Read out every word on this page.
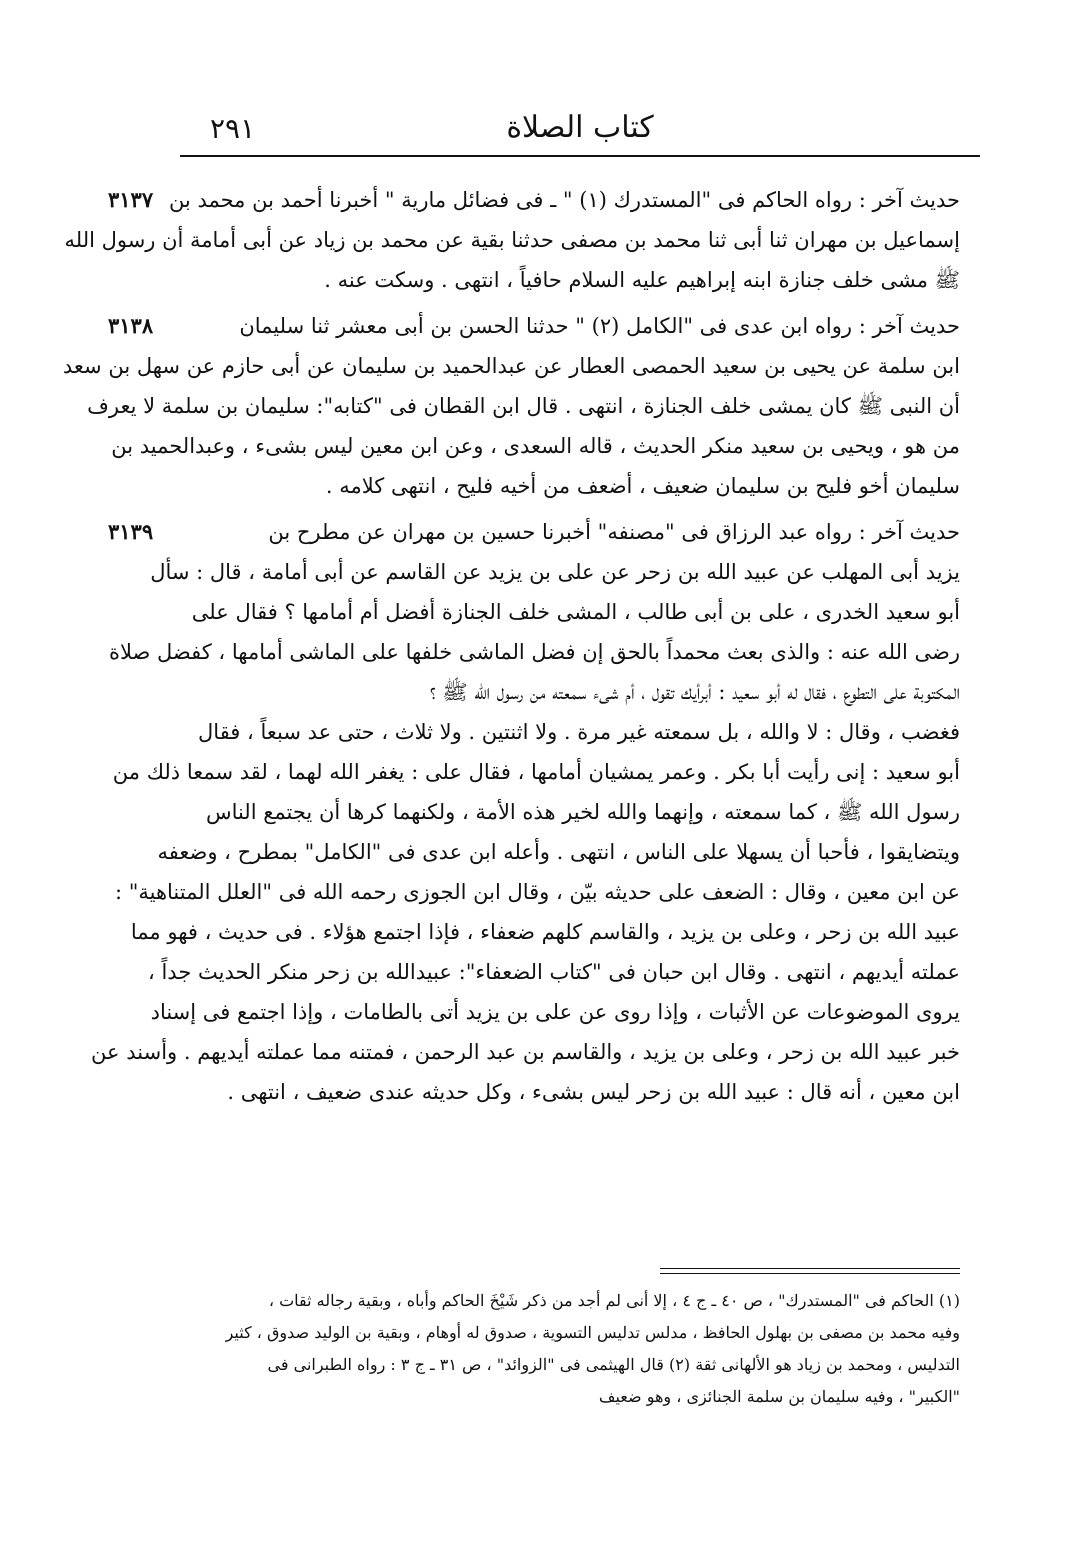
كتاب الصلاة
٢٩١
حديث آخر : رواه الحاكم فى "المستدرك (١) " ـ فى فضائل مارية " أخبرنا أحمد بن محمد بن
٣١٣٧
إسماعيل بن مهران ثنا أبى ثنا محمد بن مصفى حدثنا بقية عن محمد بن زياد عن أبى أمامة أن رسول الله
ﷺ مشى خلف جنازة ابنه إبراهيم عليه السلام حافياً ، انتهى . وسكت عنه .
حديث آخر : رواه ابن عدى فى "الكامل (٢) " حدثنا الحسن بن أبى معشر ثنا سليمان
٣١٣٨
ابن سلمة عن يحيى بن سعيد الحمصى العطار عن عبدالحميد بن سليمان عن أبى حازم عن سهل بن سعد
أن النبى ﷺ كان يمشى خلف الجنازة ، انتهى . قال ابن القطان فى "كتابه": سليمان بن سلمة لا يعرف
من هو ، ويحيى بن سعيد منكر الحديث ، قاله السعدى ، وعن ابن معين ليس بشىء ، وعبدالحميد بن
سليمان أخو فليح بن سليمان ضعيف ، أضعف من أخيه فليح ، انتهى كلامه .
حديث آخر : رواه عبد الرزاق فى "مصنفه" أخبرنا حسين بن مهران عن مطرح بن
٣١٣٩
يزيد أبى المهلب عن عبيد الله بن زحر عن على بن يزيد عن القاسم عن أبى أمامة ، قال : سأل
أبو سعيد الخدرى ، على بن أبى طالب ، المشى خلف الجنازة أفضل أم أمامها ؟ فقال على
رضى الله عنه : والذى بعث محمداً بالحق إن فضل الماشى خلفها على الماشى أمامها ، كفضل صلاة
المكتوبة على التطوع ، فقال له أبو سعيد : أبرأيك تقول ، أم شىء سمعته من رسول الله ﷺ ؟
فغضب ، وقال : لا والله ، بل سمعته غير مرة . ولا اثنتين . ولا ثلاث ، حتى عد سبعاً ، فقال
أبو سعيد : إنى رأيت أبا بكر . وعمر يمشيان أمامها ، فقال على : يغفر الله لهما ، لقد سمعا ذلك من
رسول الله ﷺ ، كما سمعته ، وإنهما والله لخير هذه الأمة ، ولكنهما كرها أن يجتمع الناس
ويتضايقوا ، فأحبا أن يسهلا على الناس ، انتهى . وأعله ابن عدى فى "الكامل" بمطرح ، وضعفه
عن ابن معين ، وقال : الضعف على حديثه بيّن ، وقال ابن الجوزى رحمه الله فى "العلل المتناهية" :
عبيد الله بن زحر ، وعلى بن يزيد ، والقاسم كلهم ضعفاء ، فإذا اجتمع هؤلاء . فى حديث ، فهو مما
عملته أيديهم ، انتهى . وقال ابن حبان فى "كتاب الضعفاء": عبيدالله بن زحر منكر الحديث جداً ،
يروى الموضوعات عن الأثبات ، وإذا روى عن على بن يزيد أتى بالطامات ، وإذا اجتمع فى إسناد
خبر عبيد الله بن زحر ، وعلى بن يزيد ، والقاسم بن عبد الرحمن ، فمتنه مما عملته أيديهم . وأسند عن
ابن معين ، أنه قال : عبيد الله بن زحر ليس بشىء ، وكل حديثه عندى ضعيف ، انتهى .
(١) الحاكم فى "المستدرك" ، ص ٤٠ ـ ج ٤ ، إلا أنى لم أجد من ذكر شَيْخَ الحاكم وأباه ، وبقية رجاله ثقات ،
وفيه محمد بن مصفى بن بهلول الحافظ ، مدلس تدليس التسوية ، صدوق له أوهام ، وبقية بن الوليد صدوق ، كثير
التدليس ، ومحمد بن زياد هو الألهانى ثقة (٢) قال الهيثمى فى "الزوائد" ، ص ٣١ ـ ج ٣ : رواه الطبرانى فى
"الكبير" ، وفيه سليمان بن سلمة الجنائزى ، وهو ضعيف
